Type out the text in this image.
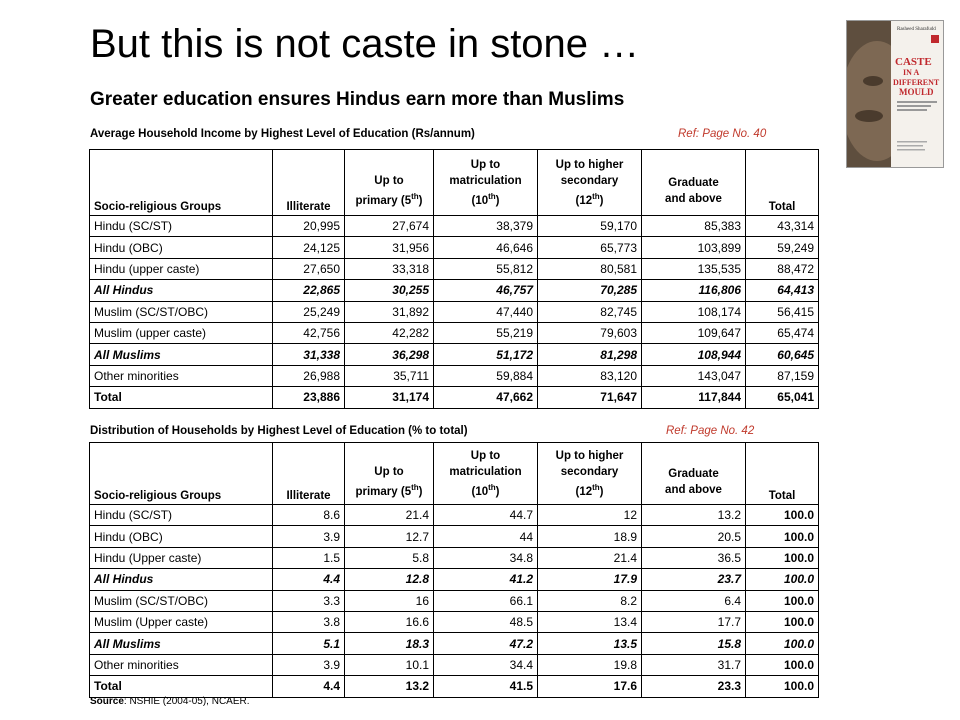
But this is not caste in stone …
Greater education ensures Hindus earn more than Muslims
Rasheed Sharafudd
CASTE
IN A
DIFFERENT
MOULD
Average Household Income by Highest Level of Education (Rs/annum)	Ref: Page No. 40
Socio-religious Groups	Illiterate	Up to
primary (5th)	Up to
matriculation
(10th)	Up to higher
secondary
(12th)	Graduate
and above	Total
Hindu (SC/ST)	20,995	27,674	38,379	59,170	85,383	43,314
Hindu (OBC)	24,125	31,956	46,646	65,773	103,899	59,249
Hindu (upper caste)	27,650	33,318	55,812	80,581	135,535	88,472
All Hindus	22,865	30,255	46,757	70,285	116,806	64,413
Muslim (SC/ST/OBC)	25,249	31,892	47,440	82,745	108,174	56,415
Muslim (upper caste)	42,756	42,282	55,219	79,603	109,647	65,474
All Muslims	31,338	36,298	51,172	81,298	108,944	60,645
Other minorities	26,988	35,711	59,884	83,120	143,047	87,159
Total	23,886	31,174	47,662	71,647	117,844	65,041
Distribution of Households by Highest Level of Education (% to total)	Ref: Page No. 42
Socio-religious Groups	Illiterate	Up to
primary (5th)	Up to
matriculation
(10th)	Up to higher
secondary
(12th)	Graduate
and above	Total
Hindu (SC/ST)	8.6	21.4	44.7	12	13.2	100.0
Hindu (OBC)	3.9	12.7	44	18.9	20.5	100.0
Hindu (Upper caste)	1.5	5.8	34.8	21.4	36.5	100.0
All Hindus	4.4	12.8	41.2	17.9	23.7	100.0
Muslim (SC/ST/OBC)	3.3	16	66.1	8.2	6.4	100.0
Muslim (Upper caste)	3.8	16.6	48.5	13.4	17.7	100.0
All Muslims	5.1	18.3	47.2	13.5	15.8	100.0
Other minorities	3.9	10.1	34.4	19.8	31.7	100.0
Total	4.4	13.2	41.5	17.6	23.3	100.0
Source: NSHIE (2004-05), NCAER.
